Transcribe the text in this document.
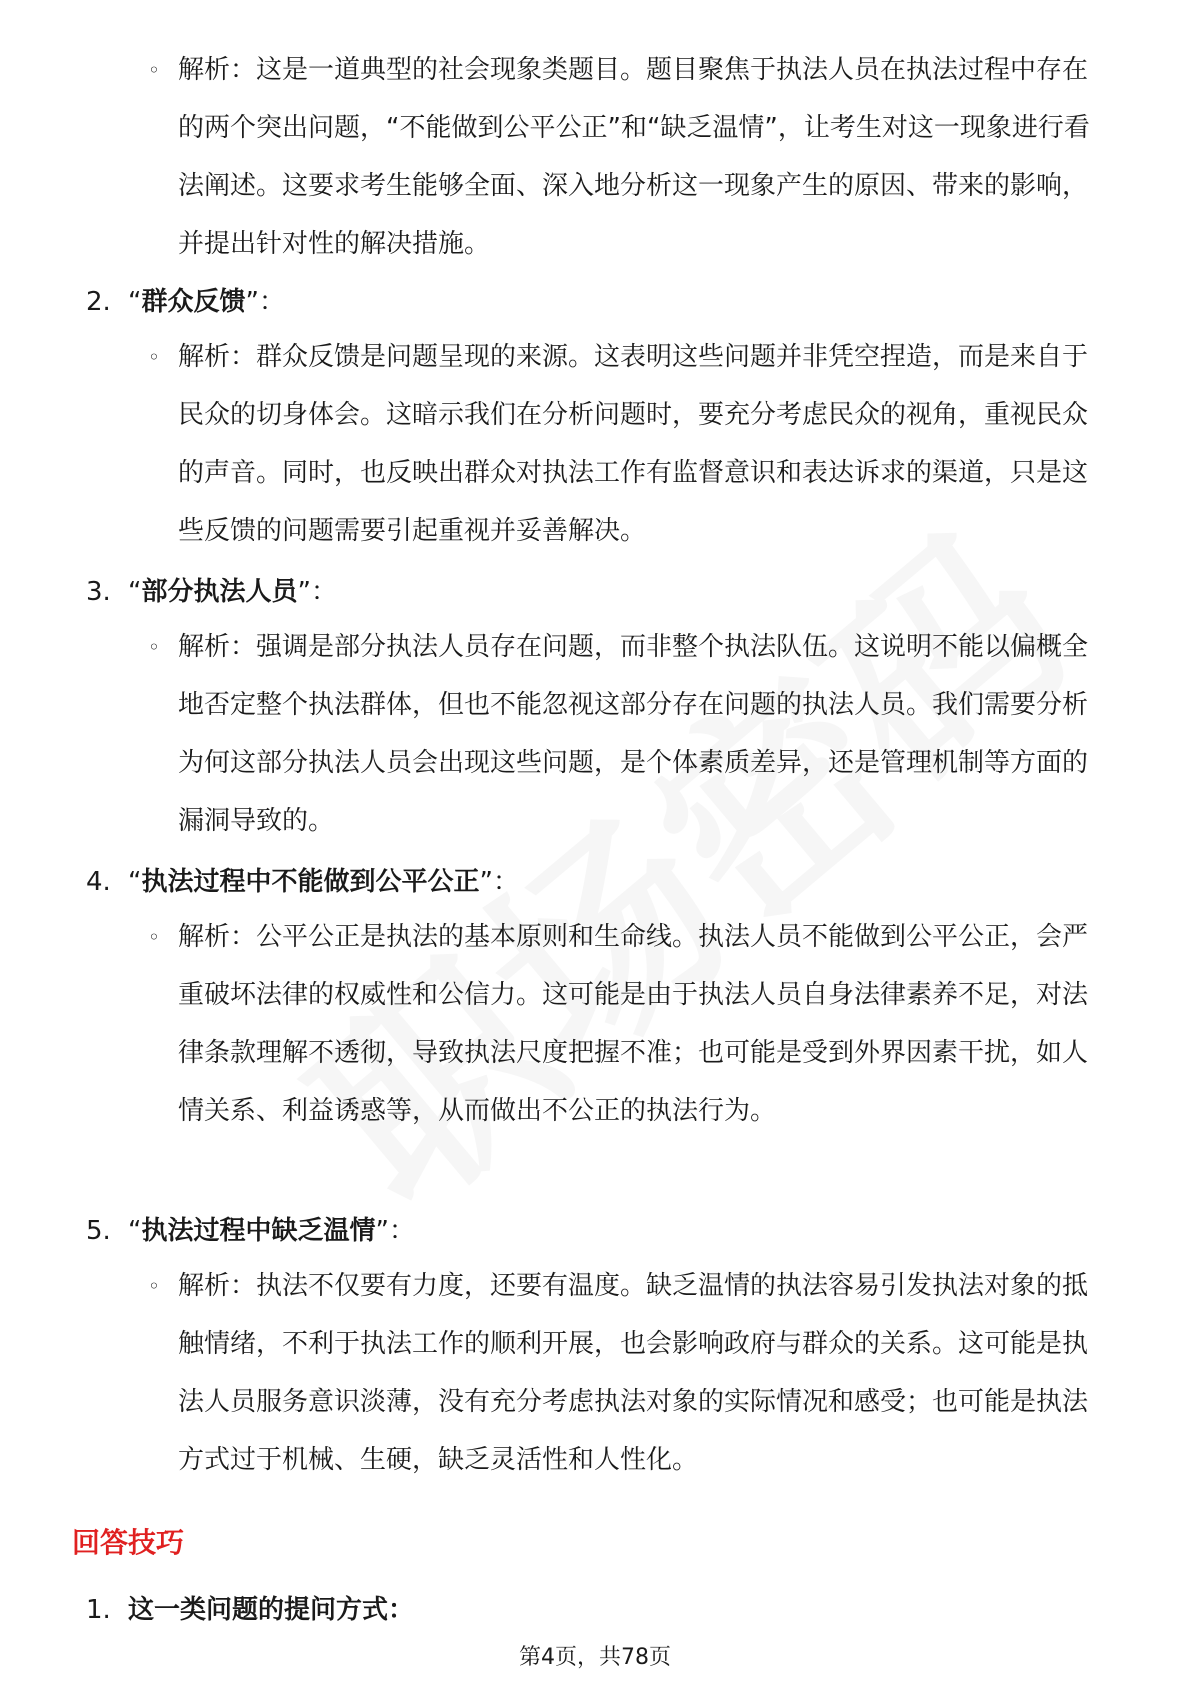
◦ 解析：这是一道典型的社会现象类题目。题目聚焦于执法人员在执法过程中存在的两个突出问题，“不能做到公平公正”和“缺乏温情”，让考生对这一现象进行看法阐述。这要求考生能够全面、深入地分析这一现象产生的原因、带来的影响，并提出针对性的解决措施。
2. “群众反馈”：
◦ 解析：群众反馈是问题呈现的来源。这表明这些问题并非凭空捏造，而是来自于民众的切身体会。这暗示我们在分析问题时，要充分考虑民众的视角，重视民众的声音。同时，也反映出群众对执法工作有监督意识和表达诉求的渠道，只是这些反馈的问题需要引起重视并妥善解决。
3. “部分执法人员”：
◦ 解析：强调是部分执法人员存在问题，而非整个执法队伍。这说明不能以偏概全地否定整个执法群体，但也不能忽视这部分存在问题的执法人员。我们需要分析为何这部分执法人员会出现这些问题，是个体素质差异，还是管理机制等方面的漏洞导致的。
4. “执法过程中不能做到公平公正”：
◦ 解析：公平公正是执法的基本原则和生命线。执法人员不能做到公平公正，会严重破坏法律的权威性和公信力。这可能是由于执法人员自身法律素养不足，对法律条款理解不透彻，导致执法尺度把握不准；也可能是受到外界因素干扰，如人情关系、利益诱惑等，从而做出不公正的执法行为。
5. “执法过程中缺乏温情”：
◦ 解析：执法不仅要有力度，还要有温度。缺乏温情的执法容易引发执法对象的抵触情绪，不利于执法工作的顺利开展，也会影响政府与群众的关系。这可能是执法人员服务意识淡薄，没有充分考虑执法对象的实际情况和感受；也可能是执法方式过于机械、生硬，缺乏灵活性和人性化。
回答技巧
1. 这一类问题的提问方式：
第4页，共78页
